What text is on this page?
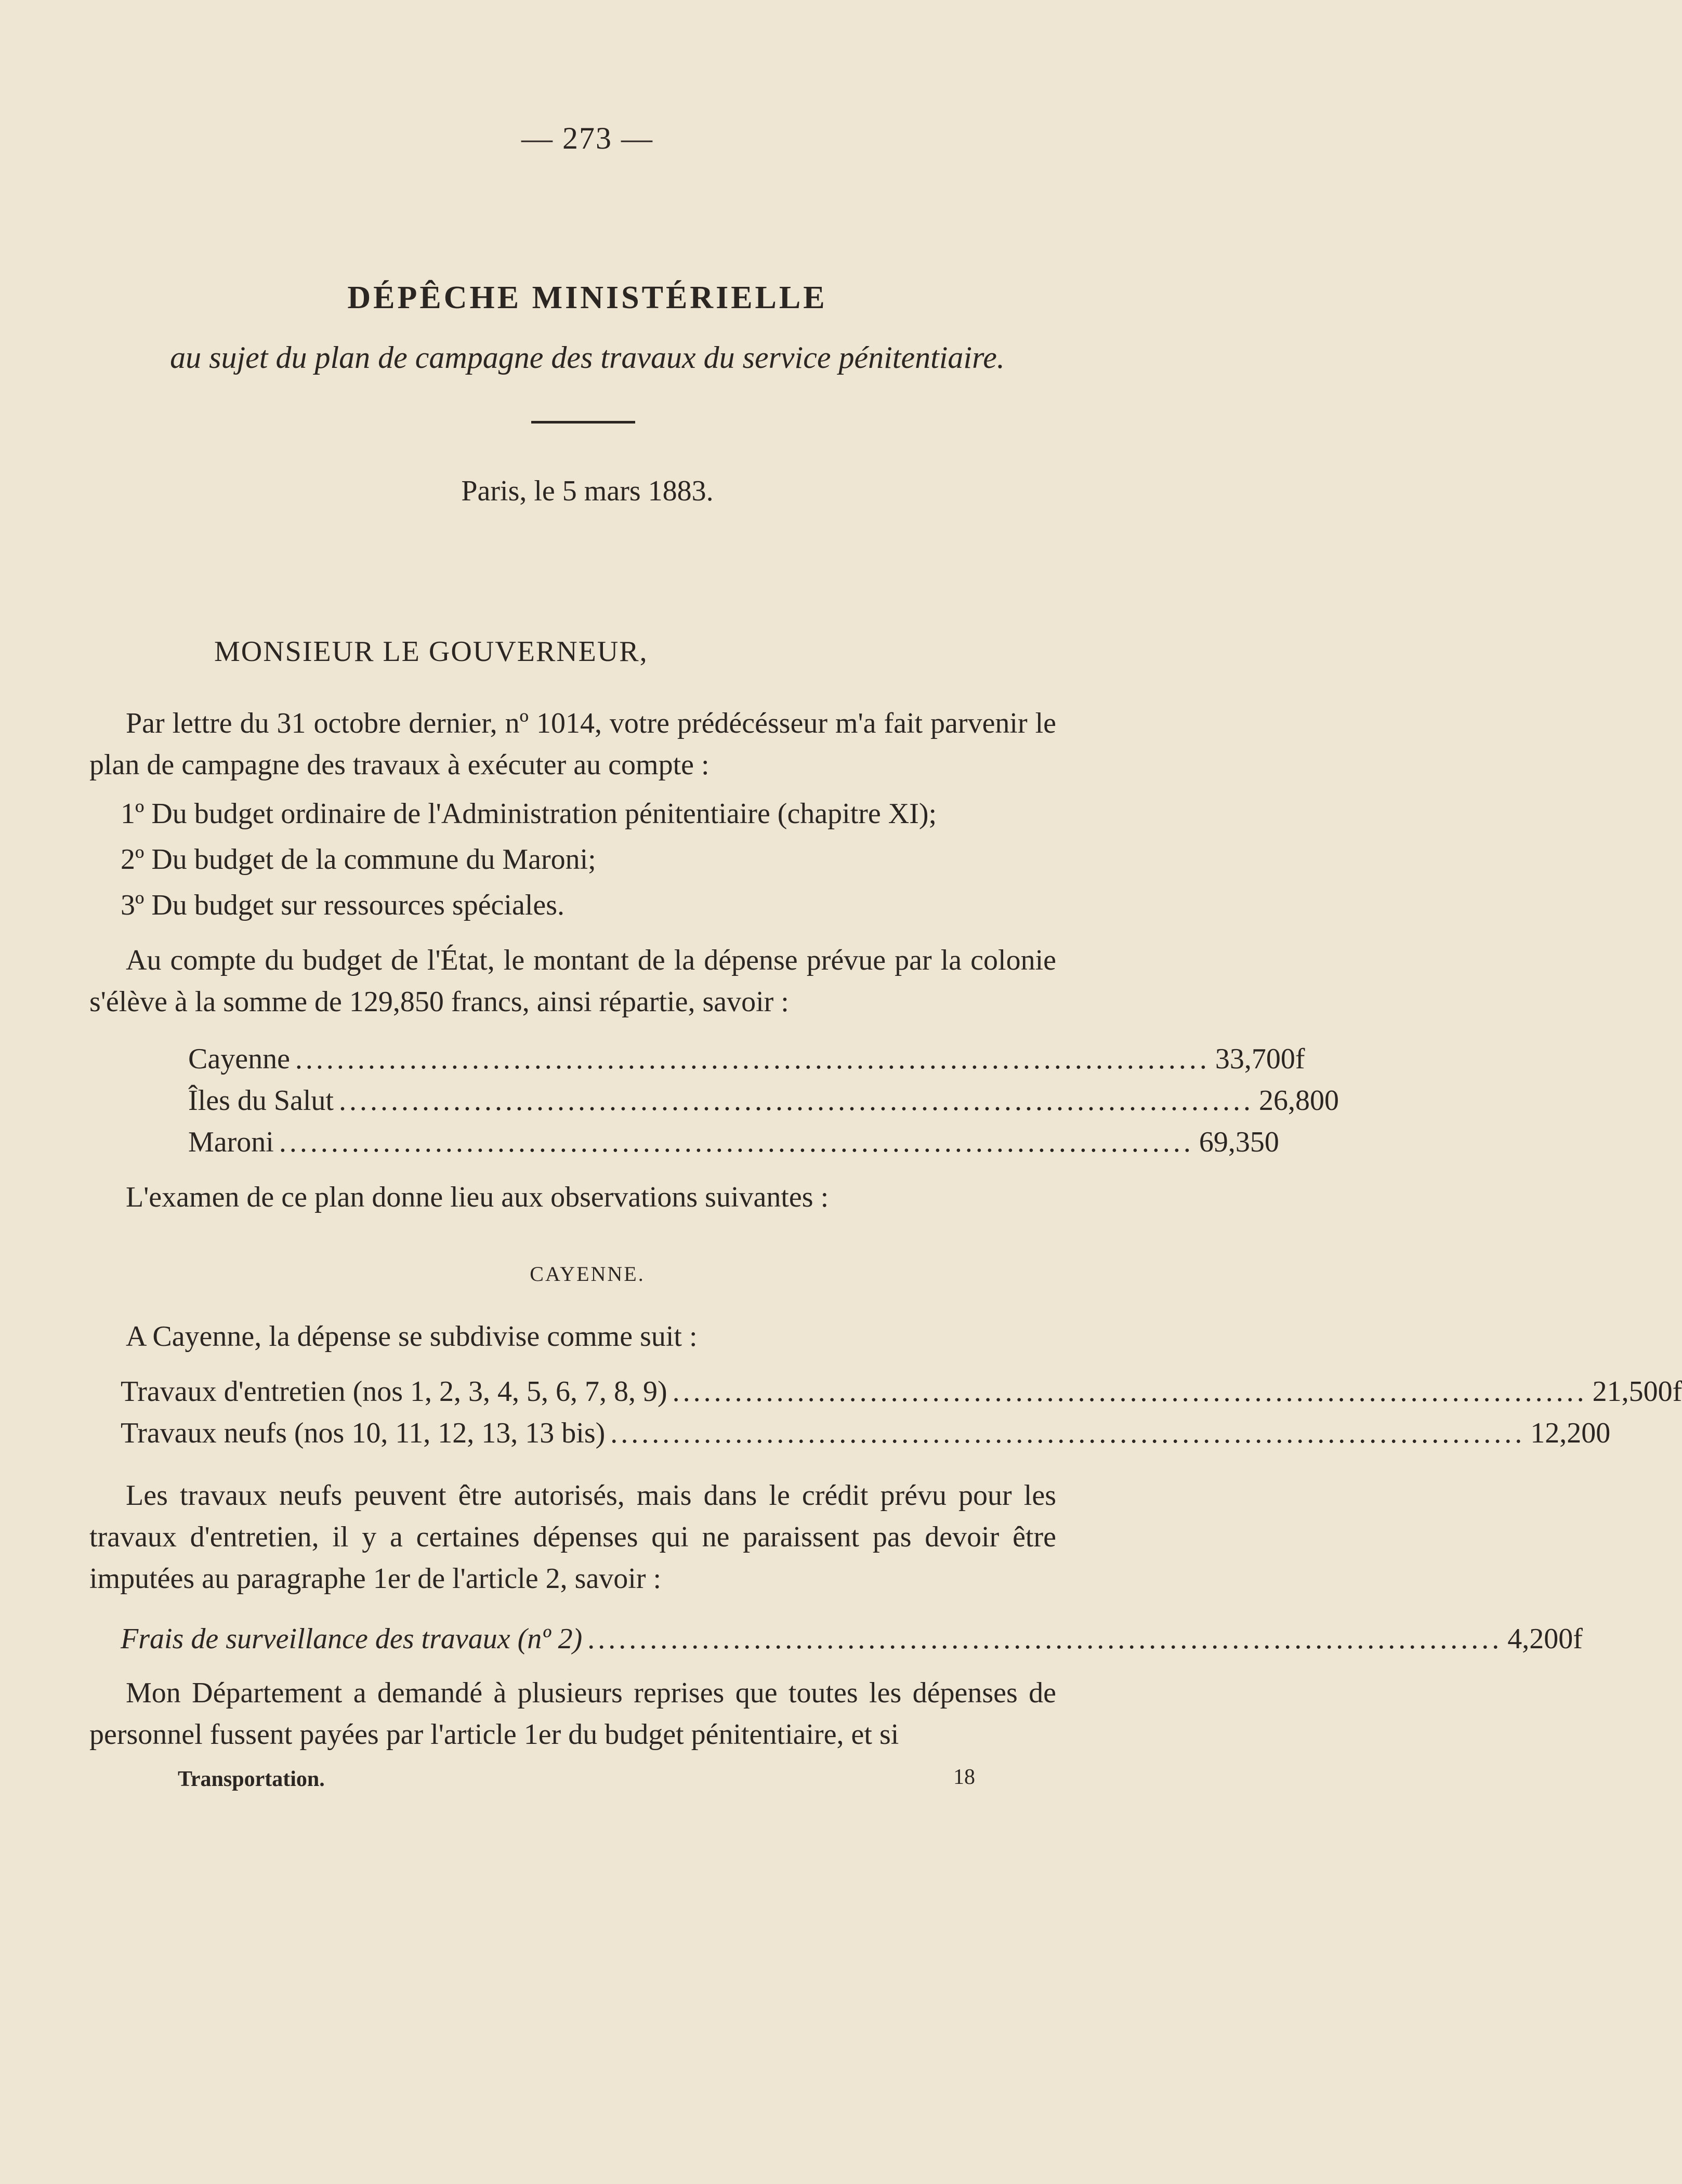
— 273 —
DÉPÊCHE MINISTÉRIELLE
au sujet du plan de campagne des travaux du service pénitentiaire.
Paris, le 5 mars 1883.
MONSIEUR LE GOUVERNEUR,
Par lettre du 31 octobre dernier, nº 1014, votre prédécésseur m'a fait parvenir le plan de campagne des travaux à exécuter au compte :
1º Du budget ordinaire de l'Administration pénitentiaire (chapitre XI);
2º Du budget de la commune du Maroni;
3º Du budget sur ressources spéciales.
Au compte du budget de l'État, le montant de la dépense prévue par la colonie s'élève à la somme de 129,850 francs, ainsi répartie, savoir :
Cayenne ........................................................................................ 33,700f
Îles du Salut ........................................................................................ 26,800
Maroni ........................................................................................ 69,350
L'examen de ce plan donne lieu aux observations suivantes :
CAYENNE.
A Cayenne, la dépense se subdivise comme suit :
Travaux d'entretien (nos 1, 2, 3, 4, 5, 6, 7, 8, 9) ........................................................................................ 21,500f
Travaux neufs (nos 10, 11, 12, 13, 13 bis) ........................................................................................ 12,200
Les travaux neufs peuvent être autorisés, mais dans le crédit prévu pour les travaux d'entretien, il y a certaines dépenses qui ne paraissent pas devoir être imputées au paragraphe 1er de l'article 2, savoir :
Frais de surveillance des travaux (nº 2) ........................................................................................ 4,200f
Mon Département a demandé à plusieurs reprises que toutes les dépenses de personnel fussent payées par l'article 1er du budget pénitentiaire, et si
Transportation.	18
